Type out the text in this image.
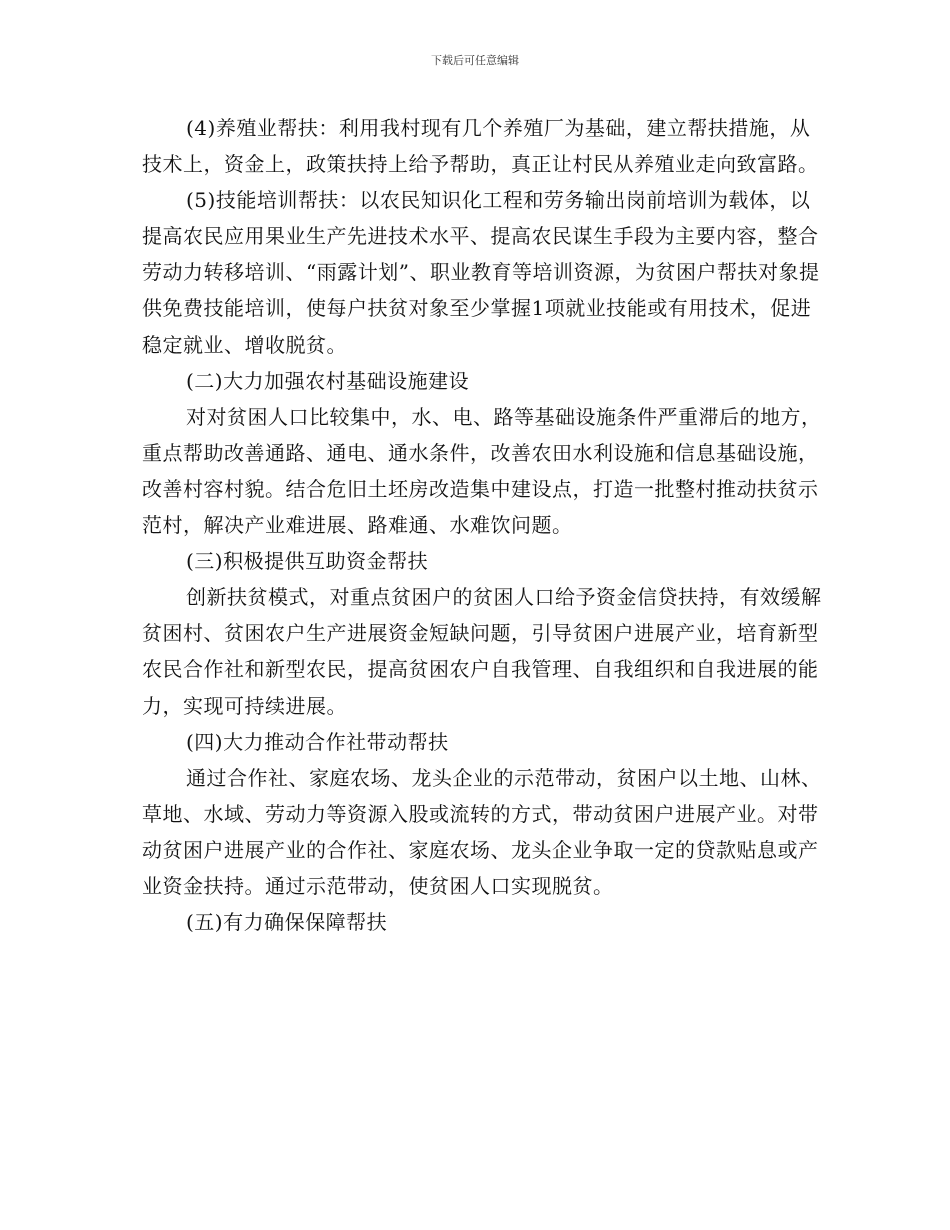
下载后可任意编辑

(4)养殖业帮扶：利用我村现有几个养殖厂为基础，建立帮扶措施，从技术上，资金上，政策扶持上给予帮助，真正让村民从养殖业走向致富路。

(5)技能培训帮扶：以农民知识化工程和劳务输出岗前培训为载体，以提高农民应用果业生产先进技术水平、提高农民谋生手段为主要内容，整合劳动力转移培训、“雨露计划”、职业教育等培训资源，为贫困户帮扶对象提供免费技能培训，使每户扶贫对象至少掌握1项就业技能或有用技术，促进稳定就业、增收脱贫。

(二)大力加强农村基础设施建设

对对贫困人口比较集中，水、电、路等基础设施条件严重滞后的地方，重点帮助改善通路、通电、通水条件，改善农田水利设施和信息基础设施，改善村容村貌。结合危旧土坯房改造集中建设点，打造一批整村推动扶贫示范村，解决产业难进展、路难通、水难饮问题。

(三)积极提供互助资金帮扶

创新扶贫模式，对重点贫困户的贫困人口给予资金信贷扶持，有效缓解贫困村、贫困农户生产进展资金短缺问题，引导贫困户进展产业，培育新型农民合作社和新型农民，提高贫困农户自我管理、自我组织和自我进展的能力，实现可持续进展。

(四)大力推动合作社带动帮扶

通过合作社、家庭农场、龙头企业的示范带动，贫困户以土地、山林、草地、水域、劳动力等资源入股或流转的方式，带动贫困户进展产业。对带动贫困户进展产业的合作社、家庭农场、龙头企业争取一定的贷款贴息或产业资金扶持。通过示范带动，使贫困人口实现脱贫。

(五)有力确保保障帮扶
